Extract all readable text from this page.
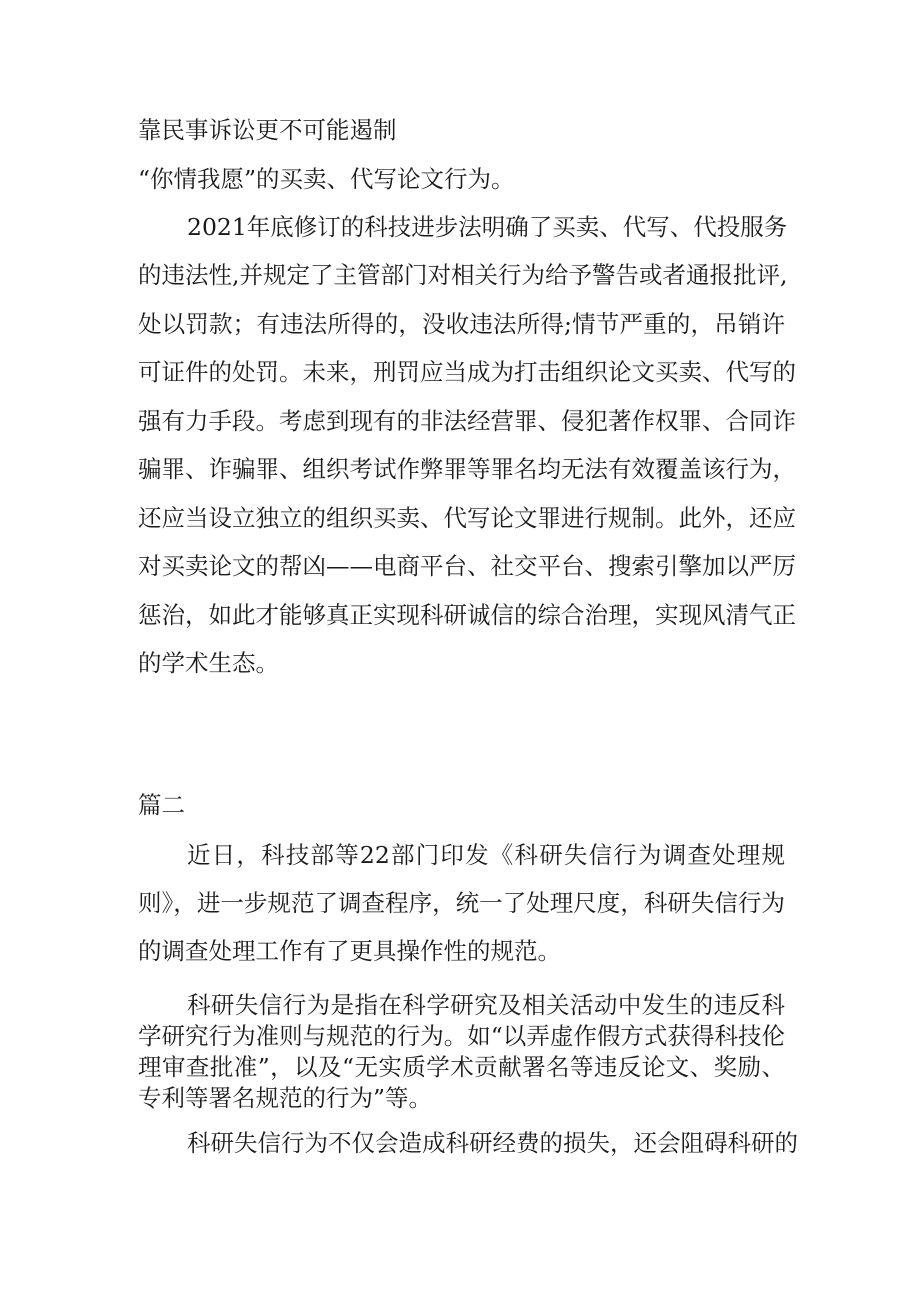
靠民事诉讼更不可能遏制
“你情我愿”的买卖、代写论文行为。
2021年底修订的科技进步法明确了买卖、代写、代投服务
的违法性,并规定了主管部门对相关行为给予警告或者通报批评,
处以罚款；有违法所得的，没收违法所得;情节严重的，吊销许
可证件的处罚。未来，刑罚应当成为打击组织论文买卖、代写的
强有力手段。考虑到现有的非法经营罪、侵犯著作权罪、合同诈
骗罪、诈骗罪、组织考试作弊罪等罪名均无法有效覆盖该行为，
还应当设立独立的组织买卖、代写论文罪进行规制。此外，还应
对买卖论文的帮凶——电商平台、社交平台、搜索引擎加以严厉
惩治，如此才能够真正实现科研诚信的综合治理，实现风清气正
的学术生态。
篇二
近日，科技部等22部门印发《科研失信行为调查处理规
则》，进一步规范了调查程序，统一了处理尺度，科研失信行为
的调查处理工作有了更具操作性的规范。
科研失信行为是指在科学研究及相关活动中发生的违反科
学研究行为准则与规范的行为。如“以弄虚作假方式获得科技伦
理审查批准”，以及“无实质学术贡献署名等违反论文、奖励、
专利等署名规范的行为”等。
科研失信行为不仅会造成科研经费的损失，还会阻碍科研的
